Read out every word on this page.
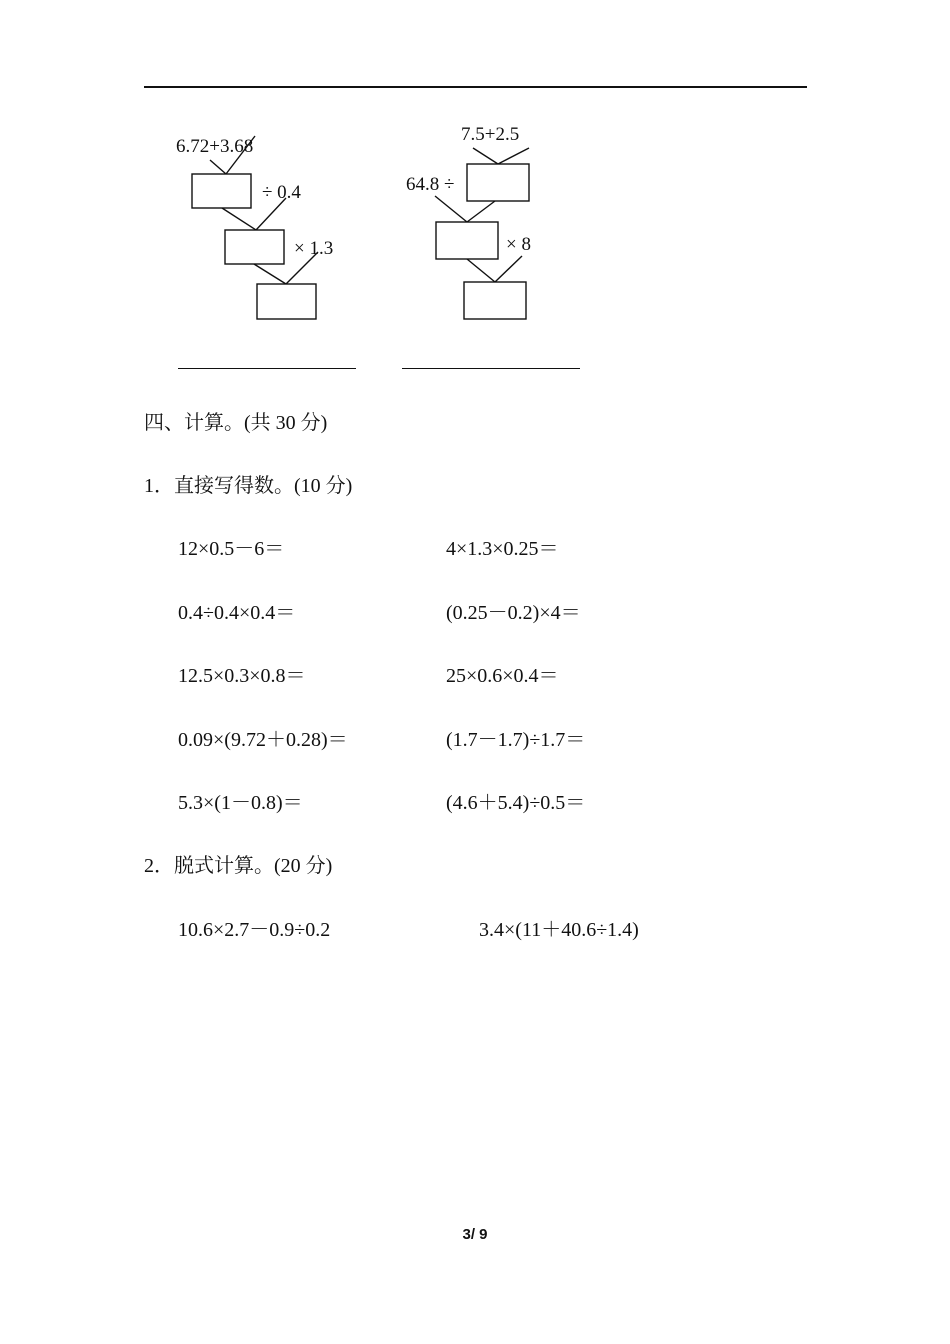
6.72+3.68
÷ 0.4
× 1.3
7.5+2.5
64.8 ÷
× 8
四、计算。(共 30 分)
1．直接写得数。(10 分)
12×0.5－6＝	4×1.3×0.25＝
0.4÷0.4×0.4＝	(0.25－0.2)×4＝
12.5×0.3×0.8＝	25×0.6×0.4＝
0.09×(9.72＋0.28)＝	(1.7－1.7)÷1.7＝
5.3×(1－0.8)＝	(4.6＋5.4)÷0.5＝
2．脱式计算。(20 分)
10.6×2.7－0.9÷0.2	3.4×(11＋40.6÷1.4)
3/ 9
